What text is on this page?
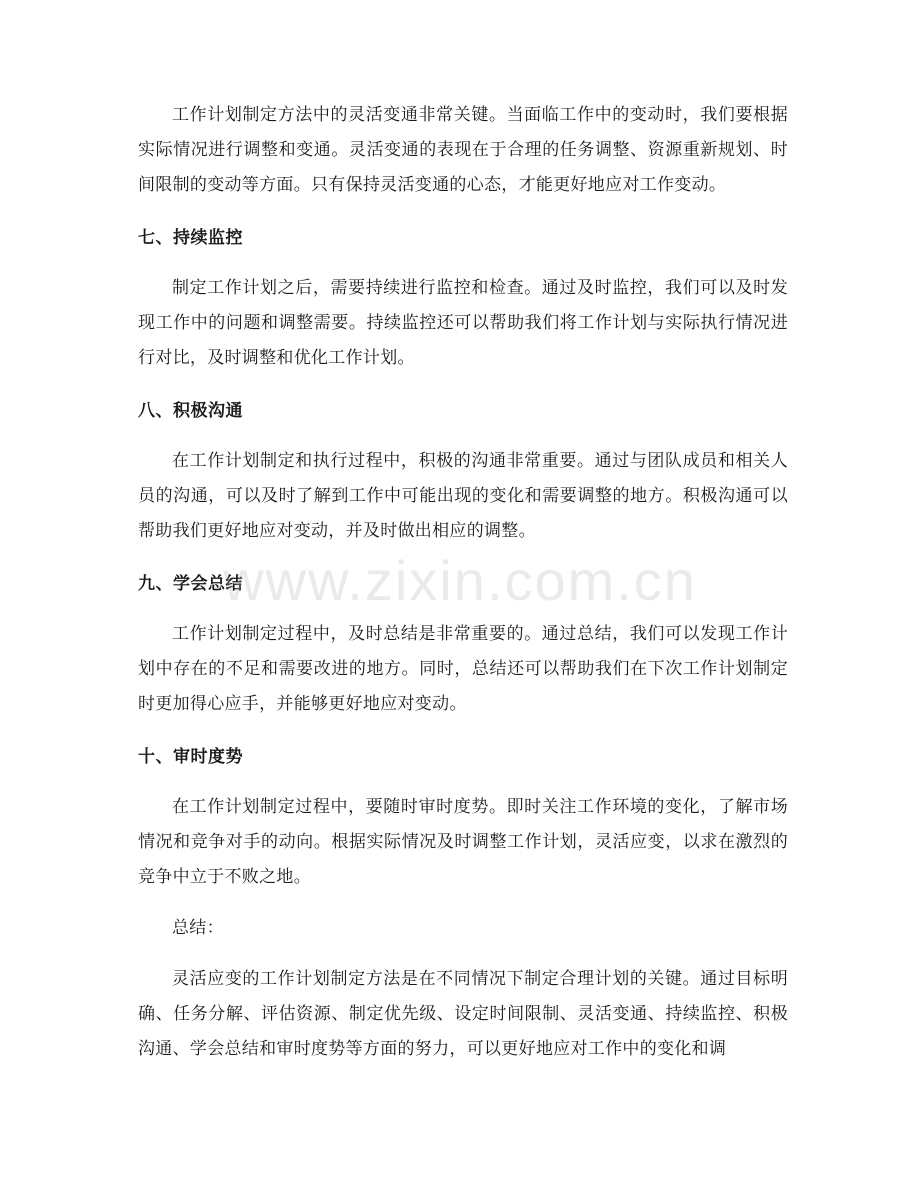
工作计划制定方法中的灵活变通非常关键。当面临工作中的变动时，我们要根据实际情况进行调整和变通。灵活变通的表现在于合理的任务调整、资源重新规划、时间限制的变动等方面。只有保持灵活变通的心态，才能更好地应对工作变动。

七、持续监控

制定工作计划之后，需要持续进行监控和检查。通过及时监控，我们可以及时发现工作中的问题和调整需要。持续监控还可以帮助我们将工作计划与实际执行情况进行对比，及时调整和优化工作计划。

八、积极沟通

在工作计划制定和执行过程中，积极的沟通非常重要。通过与团队成员和相关人员的沟通，可以及时了解到工作中可能出现的变化和需要调整的地方。积极沟通可以帮助我们更好地应对变动，并及时做出相应的调整。

九、学会总结

工作计划制定过程中，及时总结是非常重要的。通过总结，我们可以发现工作计划中存在的不足和需要改进的地方。同时，总结还可以帮助我们在下次工作计划制定时更加得心应手，并能够更好地应对变动。

十、审时度势

在工作计划制定过程中，要随时审时度势。即时关注工作环境的变化，了解市场情况和竞争对手的动向。根据实际情况及时调整工作计划，灵活应变，以求在激烈的竞争中立于不败之地。

总结：

灵活应变的工作计划制定方法是在不同情况下制定合理计划的关键。通过目标明确、任务分解、评估资源、制定优先级、设定时间限制、灵活变通、持续监控、积极沟通、学会总结和审时度势等方面的努力，可以更好地应对工作中的变化和调

www.zixin.com.cn
